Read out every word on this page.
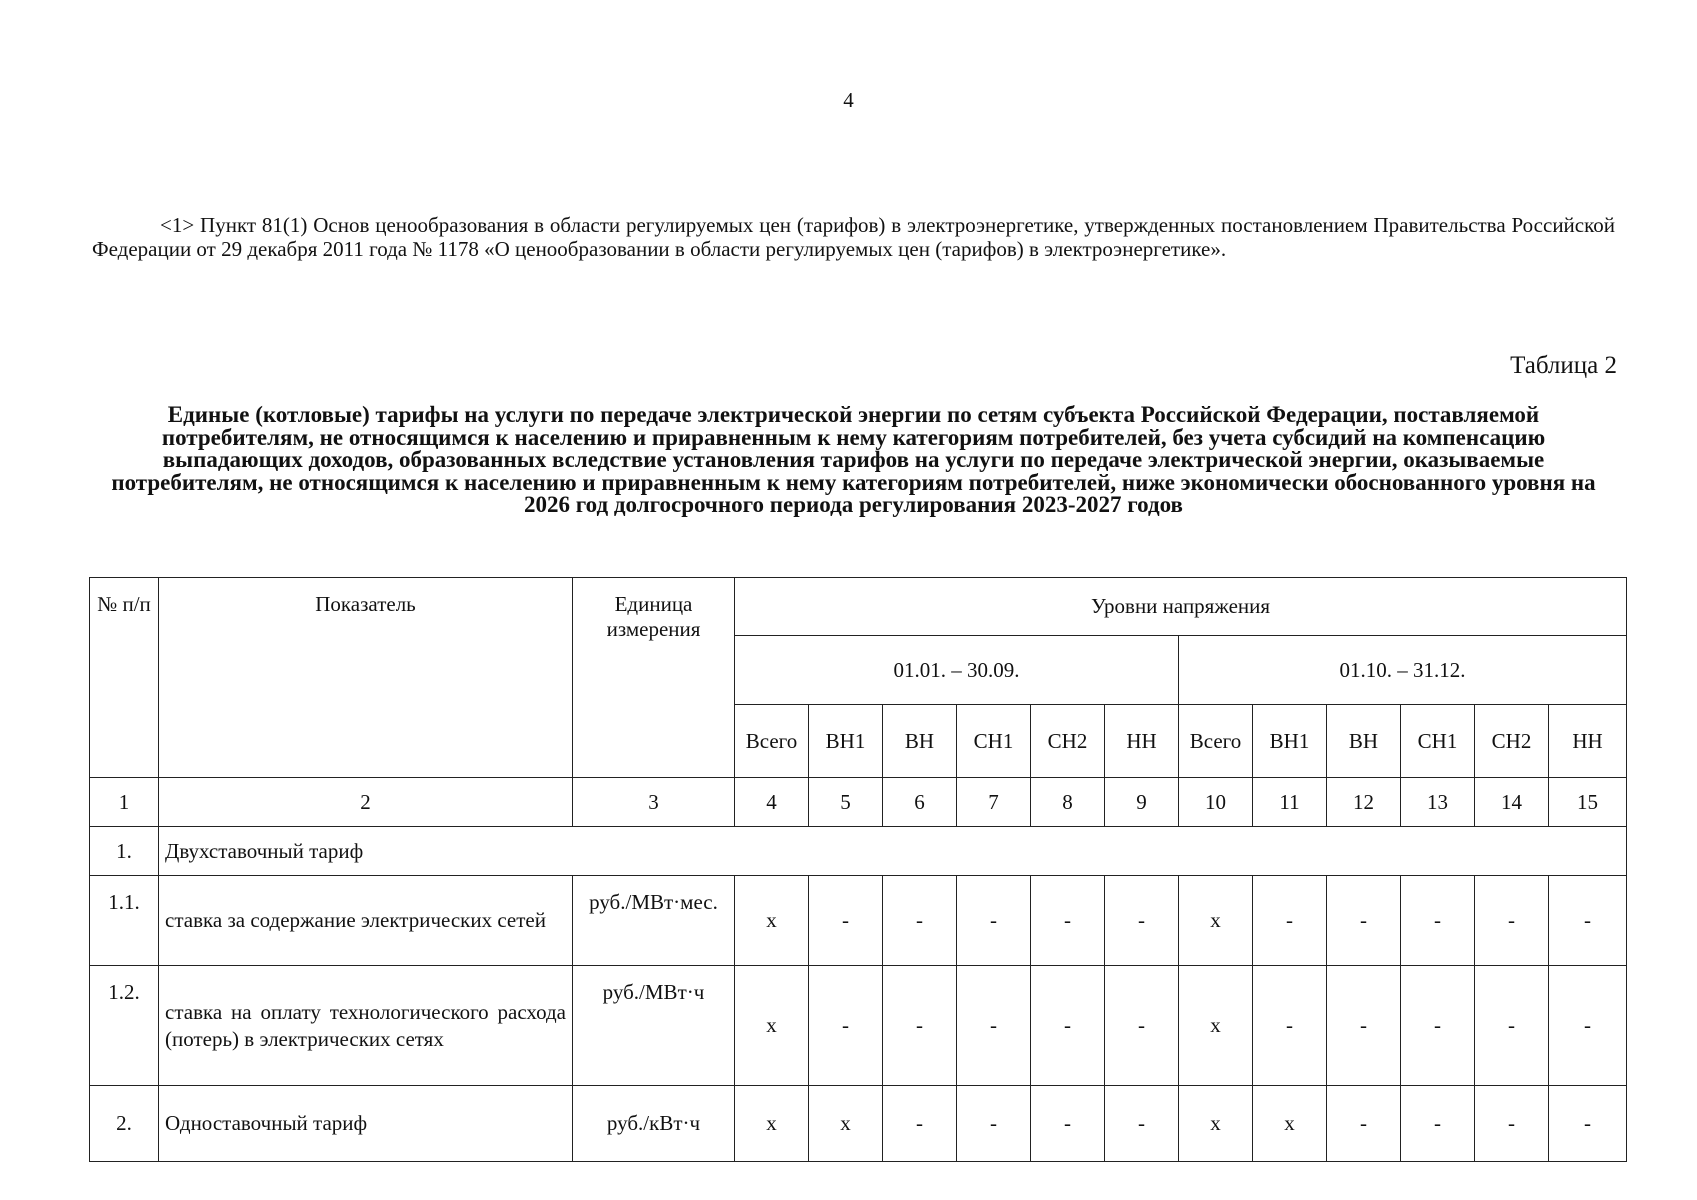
4
<1> Пункт 81(1) Основ ценообразования в области регулируемых цен (тарифов) в электроэнергетике, утвержденных постановлением Правительства Российской Федерации от 29 декабря 2011 года № 1178 «О ценообразовании в области регулируемых цен (тарифов) в электроэнергетике».
Таблица 2
Единые (котловые) тарифы на услуги по передаче электрической энергии по сетям субъекта Российской Федерации, поставляемой потребителям, не относящимся к населению и приравненным к нему категориям потребителей, без учета субсидий на компенсацию выпадающих доходов, образованных вследствие установления тарифов на услуги по передаче электрической энергии, оказываемые потребителям, не относящимся к населению и приравненным к нему категориям потребителей, ниже экономически обоснованного уровня на 2026 год долгосрочного периода регулирования 2023-2027 годов
№ п/п	Показатель	Единица измерения	Уровни напряжения											
			01.01. – 30.09.						01.10. – 31.12.					
			Всего	ВН1	ВН	СН1	СН2	НН	Всего	ВН1	ВН	СН1	СН2	НН
1	2	3	4	5	6	7	8	9	10	11	12	13	14	15
1.	Двухставочный тариф													
1.1.	ставка за содержание электрических сетей	руб./МВт·мес.	x	-	-	-	-	-	x	-	-	-	-	-
1.2.	ставка на оплату технологического расхода (потерь) в электрических сетях	руб./МВт·ч	x	-	-	-	-	-	x	-	-	-	-	-
2.	Одноставочный тариф	руб./кВт·ч	x	x	-	-	-	-	x	x	-	-	-	-
